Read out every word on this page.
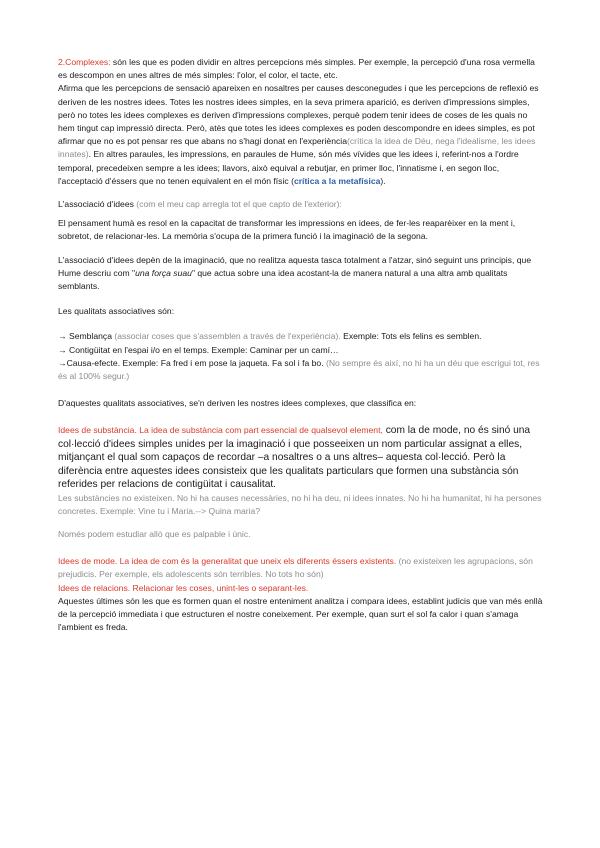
2.Complexes: són les que es poden dividir en altres percepcions més simples. Per exemple, la percepció d'una rosa vermella es descompon en unes altres de més simples: l'olor, el color, el tacte, etc.

Afirma que les percepcions de sensació apareixen en nosaltres per causes desconegudes i que les percepcions de reflexió es deriven de les nostres idees. Totes les nostres idees simples, en la seva primera aparició, es deriven d'impressions simples, però no totes les idees complexes es deriven d'impressions complexes, perquè podem tenir idees de coses de les quals no hem tingut cap impressió directa. Però, atès que totes les idees complexes es poden descompondre en idees simples, es pot afirmar que no es pot pensar res que abans no s'hagi donat en l'experiència(crítica la idea de Déu, nega l'idealisme, les idees innates). En altres paraules, les impressions, en paraules de Hume, són més vívides que les idees i, referint-nos a l'ordre temporal, precedeixen sempre a les idees; llavors, això equival a rebutjar, en primer lloc, l'innatisme i, en segon lloc, l'acceptació d'éssers que no tenen equivalent en el món físic (crítica a la metafísica).

L'associació d'idees (com el meu cap arregla tot el que capto de l'exterior):

El pensament humà es resol en la capacitat de transformar les impressions en idees, de fer-les reaparèixer en la ment i, sobretot, de relacionar-les. La memòria s'ocupa de la primera funció i la imaginació de la segona.

L'associació d'idees depèn de la imaginació, que no realitza aquesta tasca totalment a l'atzar, sinó seguint uns principis, que Hume descriu com "una força suau" que actua sobre una idea acostant-la de manera natural a una altra amb qualitats semblants.

Les qualitats associatives són:

→ Semblança (associar coses que s'assemblen a través de l'experiència). Exemple: Tots els felins es semblen.

→ Contigüitat en l'espai i/o en el temps. Exemple: Caminar per un camí…

→Causa-efecte. Exemple: Fa fred i em pose la jaqueta. Fa sol i fa bo. (No sempre és així, no hi ha un déu que escrigui tot, res és al 100% segur.)

D'aquestes qualitats associatives, se'n deriven les nostres idees complexes, que classifica en:

Idees de substància. La idea de substància com part essencial de qualsevol element, com la de mode, no és sinó una col·lecció d'idees simples unides per la imaginació i que posseeixen un nom particular assignat a elles, mitjançant el qual som capaços de recordar –a nosaltres o a uns altres– aquesta col·lecció. Però la diferència entre aquestes idees consisteix que les qualitats particulars que formen una substància són referides per relacions de contigüitat i causalitat.

Les substàncies no existeixen. No hi ha causes necessàries, no hi ha deu, ni idees innates. No hi ha humanitat, hi ha persones concretes. Exemple: Vine tu i Maria.--> Quina maria?

Només podem estudiar allò que es palpable i únic.

Idees de mode. La idea de com és la generalitat que uneix els diferents éssers existents. (no existeixen les agrupacions, són prejudicis. Per exemple, els adolescents són terribles. No tots ho són)

Idees de relacions. Relacionar les coses, unint-les o separant-les.

Aquestes últimes són les que es formen quan el nostre enteniment analitza i compara idees, establint judicis que van més enllà de la percepció immediata i que estructuren el nostre coneixement. Per exemple, quan surt el sol fa calor i quan s'amaga l'ambient es freda.
